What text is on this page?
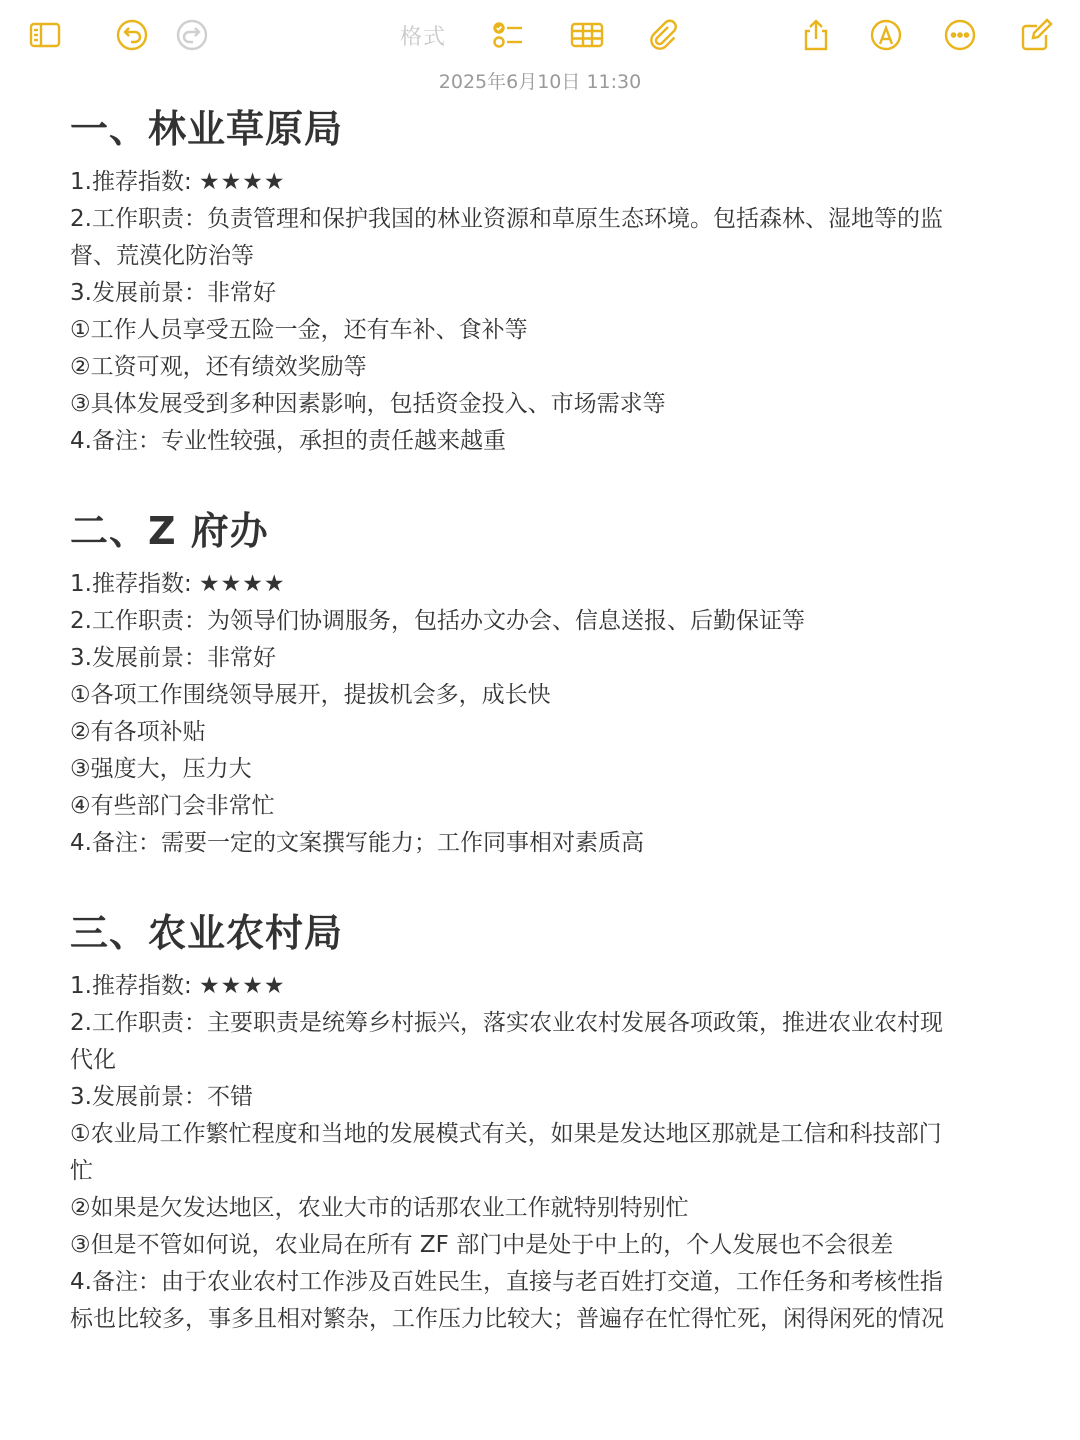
格式
2025年6月10日 11:30
一、林业草原局

1.推荐指数: ★★★★

2.工作职责：负责管理和保护我国的林业资源和草原生态环境。包括森林、湿地等的监

督、荒漠化防治等

3.发展前景：非常好

①工作人员享受五险一金，还有车补、食补等

②工资可观，还有绩效奖励等

③具体发展受到多种因素影响，包括资金投入、市场需求等

4.备注：专业性较强，承担的责任越来越重

二、Z 府办

1.推荐指数: ★★★★

2.工作职责：为领导们协调服务，包括办文办会、信息送报、后勤保证等

3.发展前景：非常好

①各项工作围绕领导展开，提拔机会多，成长快

②有各项补贴

③强度大，压力大

④有些部门会非常忙

4.备注：需要一定的文案撰写能力；工作同事相对素质高

三、农业农村局

1.推荐指数: ★★★★

2.工作职责：主要职责是统筹乡村振兴，落实农业农村发展各项政策，推进农业农村现

代化

3.发展前景：不错

①农业局工作繁忙程度和当地的发展模式有关，如果是发达地区那就是工信和科技部门

忙

②如果是欠发达地区，农业大市的话那农业工作就特别特别忙

③但是不管如何说，农业局在所有 ZF 部门中是处于中上的，个人发展也不会很差

4.备注：由于农业农村工作涉及百姓民生，直接与老百姓打交道，工作任务和考核性指

标也比较多，事多且相对繁杂，工作压力比较大；普遍存在忙得忙死，闲得闲死的情况
